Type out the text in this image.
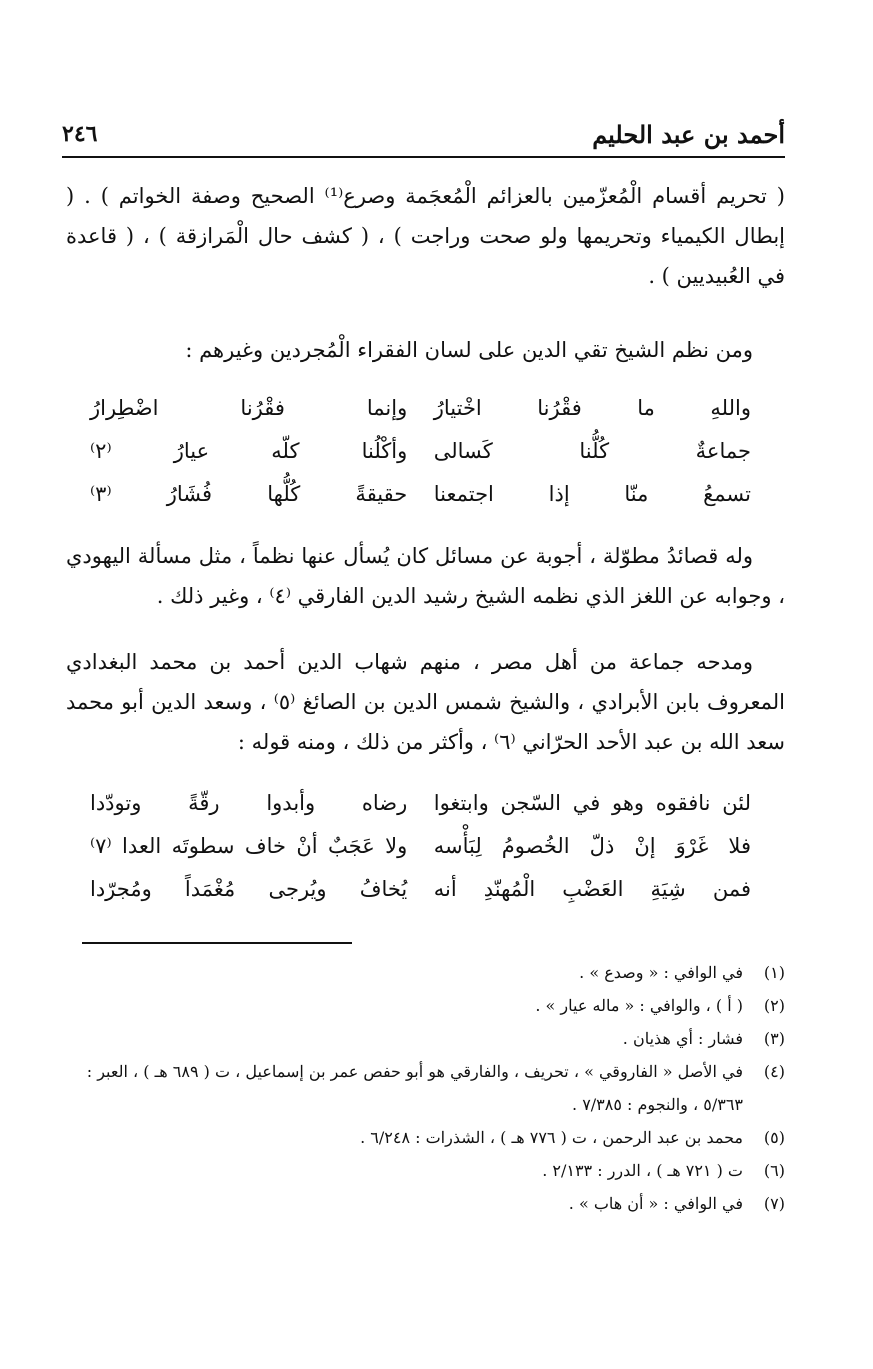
أحمد بن عبد الحليم
٢٤٦
( تحريم أقسام الْمُعزّمين بالعزائم الْمُعجَمة وصرع⁽¹⁾ الصحيح وصفة الخواتم ) . ( إبطال الكيمياء وتحريمها ولو صحت وراجت ) ، ( كشف حال الْمَرازقة ) ، ( قاعدة في العُبيديين ) .
ومن نظم الشيخ تقي الدين على لسان الفقراء الْمُجردين وغيرهم :
واللهِ ما فقْرُنا اخْتيارُ
وإنما فقْرُنا اضْطِرارُ
جماعةٌ كُلُّنا كَسالى
وأكْلُنا كلّه عيارُ ⁽٢⁾
تسمعُ منّا إذا اجتمعنا
حقيقةً كُلُّها فُشَارُ ⁽٣⁾
وله قصائدُ مطوّلة ، أجوبة عن مسائل كان يُسأل عنها نظماً ، مثل مسألة اليهودي ، وجوابه عن اللغز الذي نظمه الشيخ رشيد الدين الفارقي ⁽٤⁾ ، وغير ذلك .
ومدحه جماعة من أهل مصر ، منهم شهاب الدين أحمد بن محمد البغدادي المعروف بابن الأبرادي ، والشيخ شمس الدين بن الصائغ ⁽٥⁾ ، وسعد الدين أبو محمد سعد الله بن عبد الأحد الحرّاني ⁽٦⁾ ، وأكثر من ذلك ، ومنه قوله :
لئن نافقوه وهو في السّجن وابتغوا
رضاه وأبدوا رقّةً وتودّدا
فلا غَرْوَ إنْ ذلّ الخُصومُ لِبَأْسه
ولا عَجَبٌ أنْ خاف سطوتَه العدا ⁽٧⁾
فمن شِيَةِ العَضْبِ الْمُهنّدِ أنه
يُخافُ ويُرجى مُغْمَداً ومُجرّدا
(١)
في الوافي : « وصدع » .
(٢)
( أ ) ، والوافي : « ماله عيار » .
(٣)
فشار : أي هذيان .
(٤)
في الأصل « الفاروقي » ، تحريف ، والفارقي هو أبو حفص عمر بن إسماعيل ، ت ( ٦٨٩ هـ ) ، العبر : ٥/٣٦٣ ، والنجوم : ٧/٣٨٥ .
(٥)
محمد بن عبد الرحمن ، ت ( ٧٧٦ هـ ) ، الشذرات : ٦/٢٤٨ .
(٦)
ت ( ٧٢١ هـ ) ، الدرر : ٢/١٣٣ .
(٧)
في الوافي : « أن هاب » .
